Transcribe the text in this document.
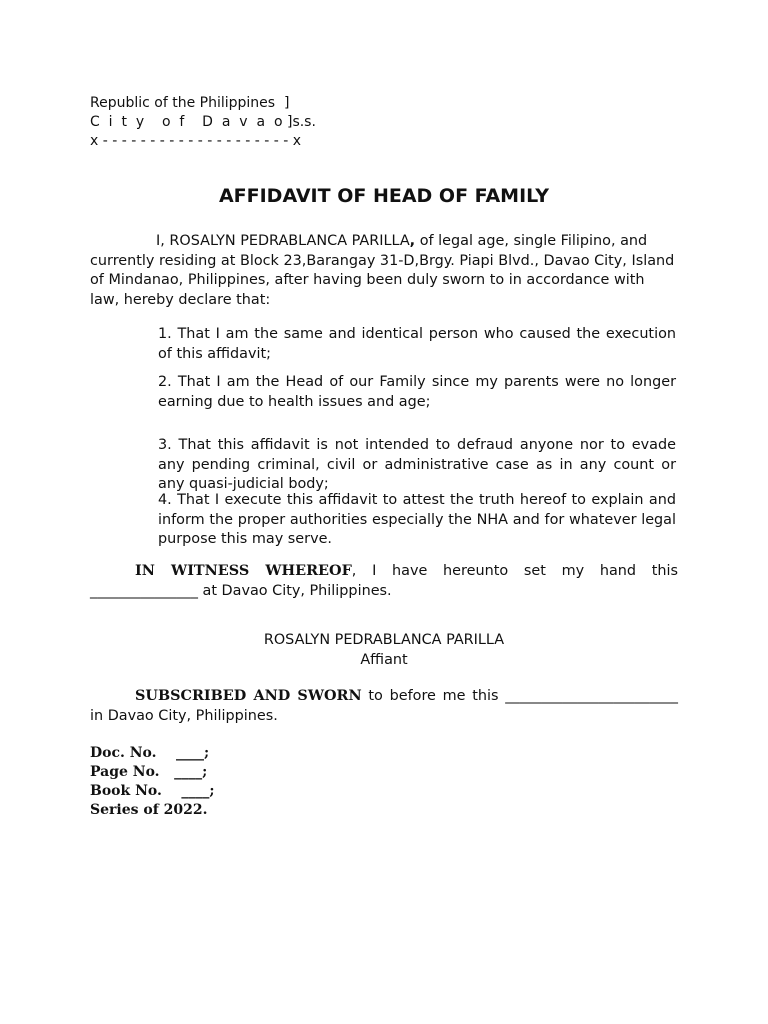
Republic of the Philippines  ]
C  i  t  y    o  f    D  a  v  a  o ]s.s.
x - - - - - - - - - - - - - - - - - - - - x
AFFIDAVIT OF HEAD OF FAMILY
I, ROSALYN PEDRABLANCA PARILLA, of legal age, single Filipino, and currently residing at Block 23,Barangay 31-D,Brgy. Piapi Blvd., Davao City, Island of Mindanao, Philippines, after having been duly sworn to in accordance with law, hereby declare that:
1. That I am the same and identical person who caused the execution of this affidavit;
2. That I am the Head of our Family since my parents were no longer earning due to health issues and age;
3. That this affidavit is not intended to defraud anyone nor to evade any pending criminal, civil or administrative case as in any count or any quasi-judicial body;
4. That I execute this affidavit to attest the truth hereof to explain and inform the proper authorities especially the NHA and for whatever legal purpose this may serve.
IN WITNESS WHEREOF, I have hereunto set my hand this _______________ at Davao City, Philippines.
ROSALYN PEDRABLANCA PARILLA
Affiant
SUBSCRIBED AND SWORN to before me this ________________________ in Davao City, Philippines.
Doc. No.    ____;
Page No.   ____;
Book No.    ____;
Series of 2022.
